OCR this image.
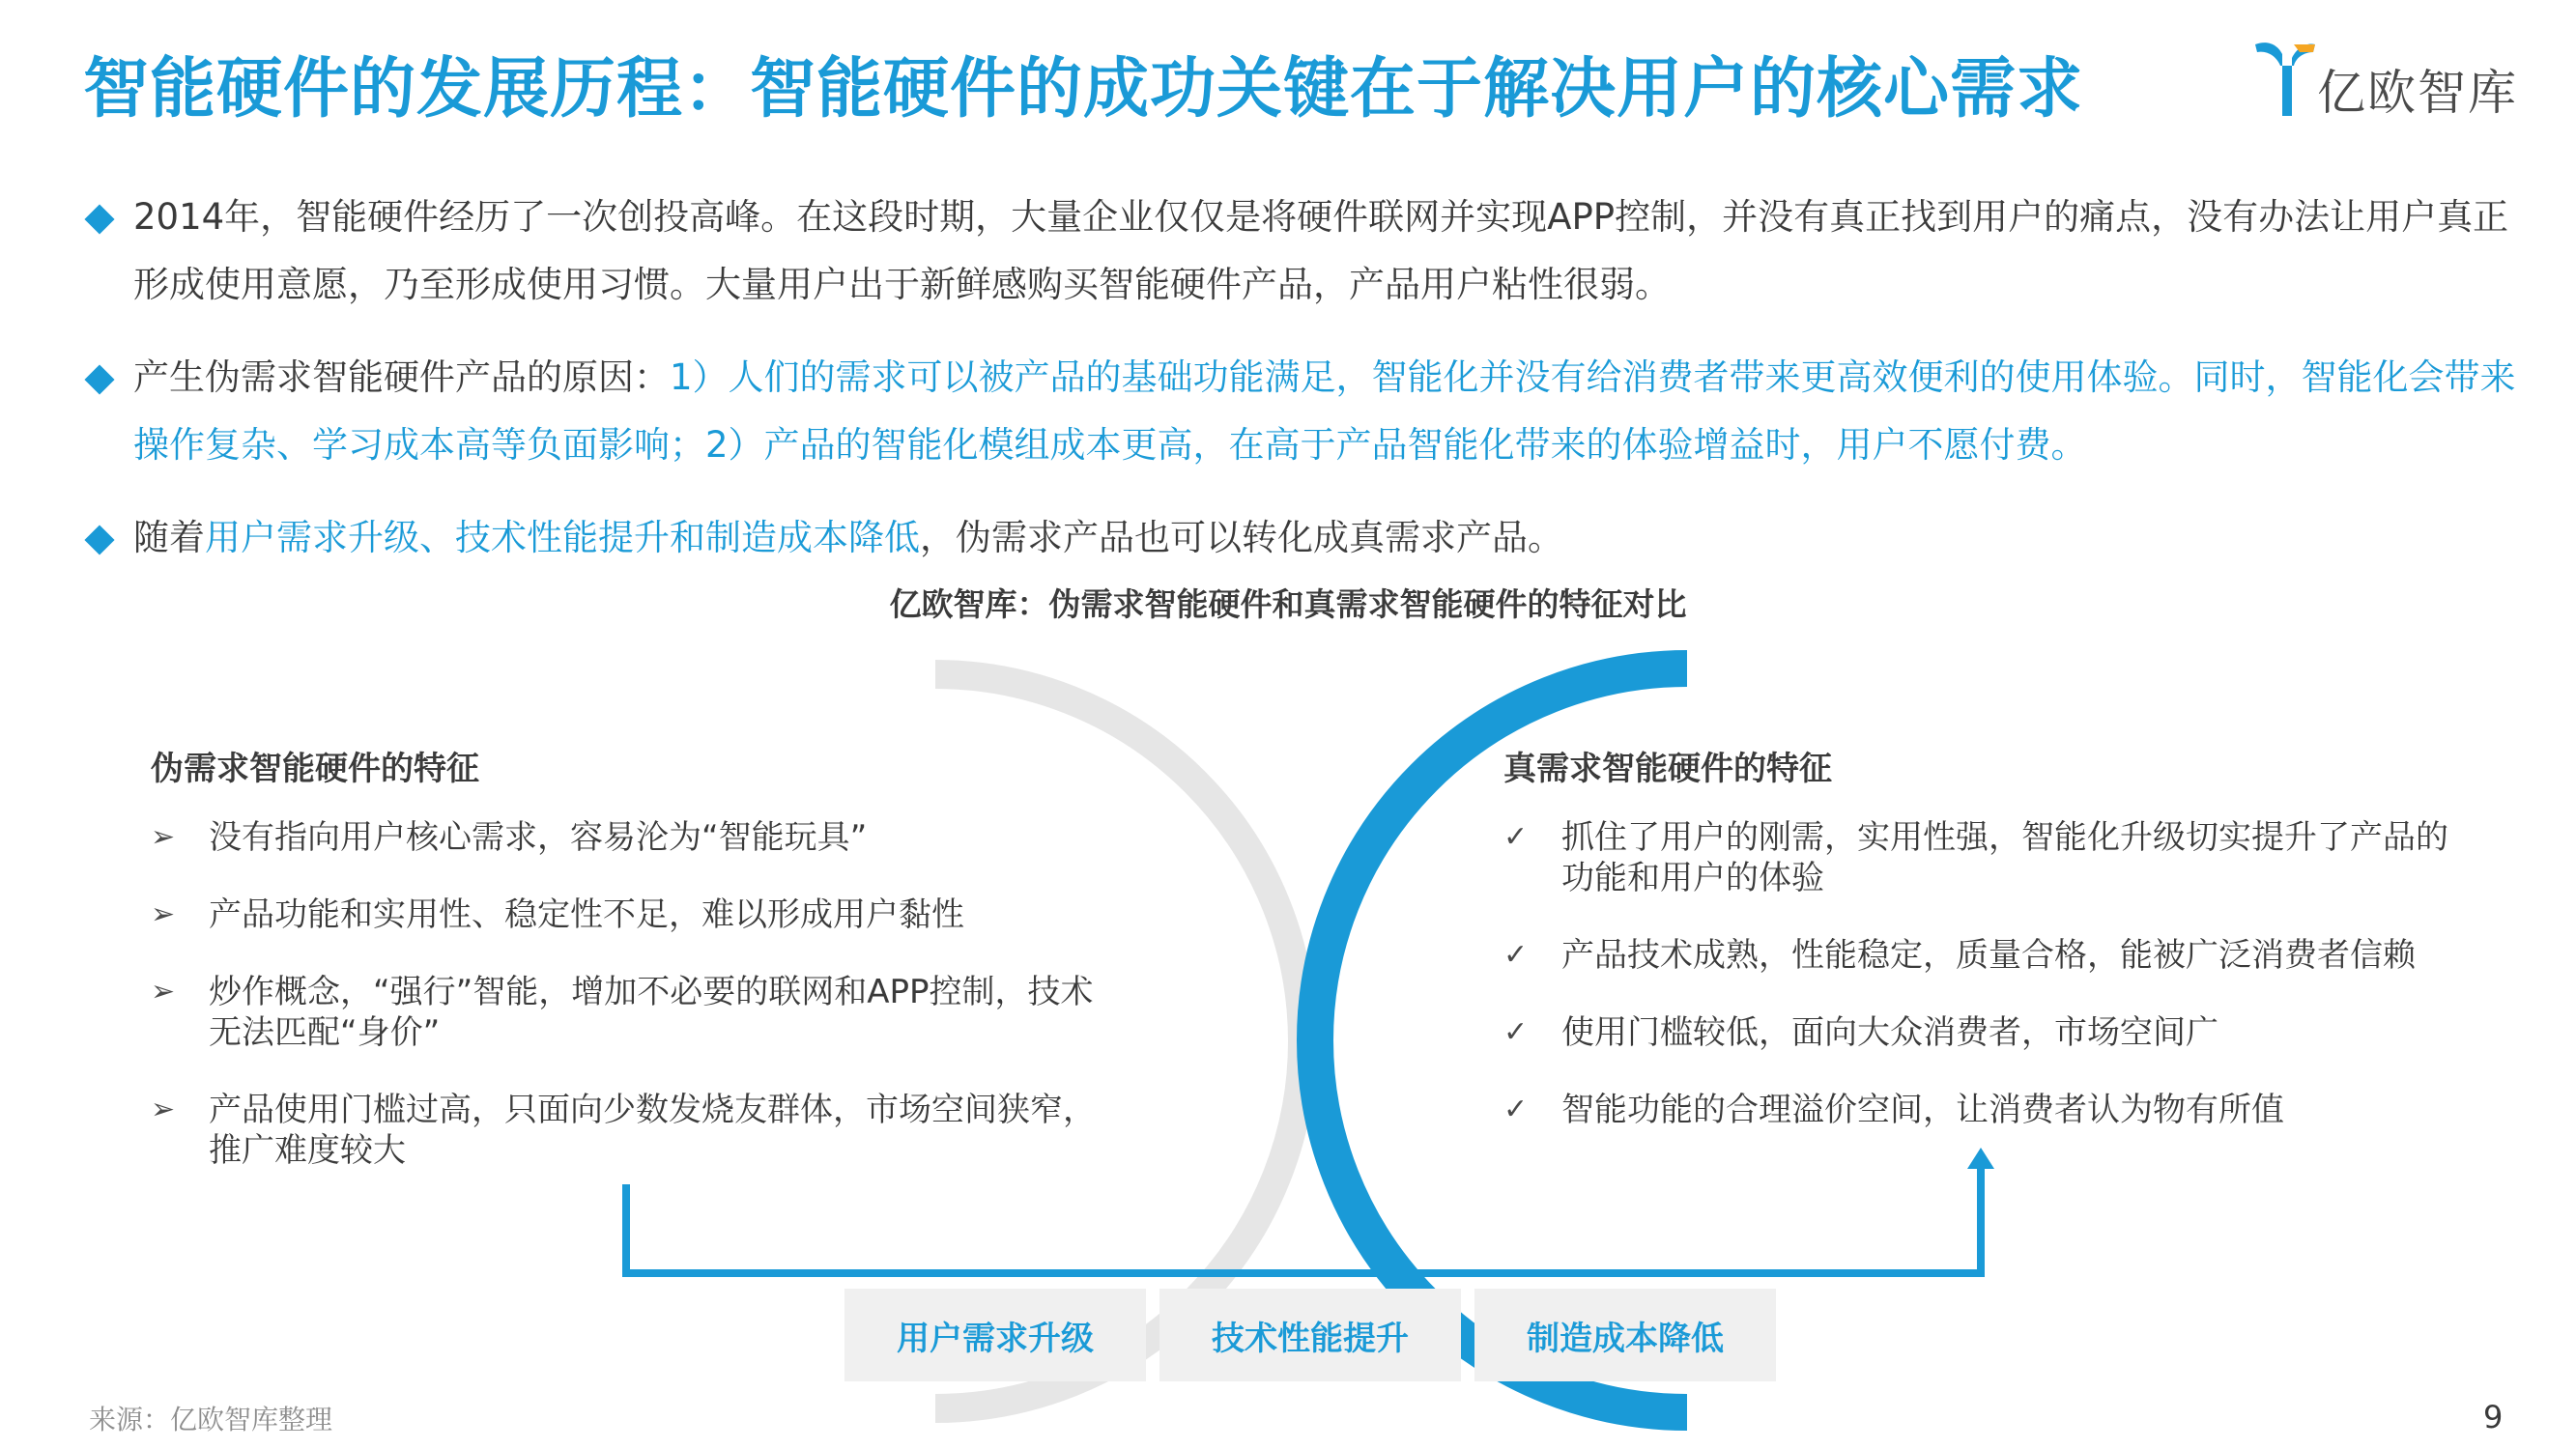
智能硬件的发展历程：智能硬件的成功关键在于解决用户的核心需求	亿欧智库
2014年，智能硬件经历了一次创投高峰。在这段时期，大量企业仅仅是将硬件联网并实现APP控制，并没有真正找到用户的痛点，没有办法让用户真正形成使用意愿，乃至形成使用习惯。大量用户出于新鲜感购买智能硬件产品，产品用户粘性很弱。
产生伪需求智能硬件产品的原因：1）人们的需求可以被产品的基础功能满足，智能化并没有给消费者带来更高效便利的使用体验。同时，智能化会带来操作复杂、学习成本高等负面影响；2）产品的智能化模组成本更高，在高于产品智能化带来的体验增益时，用户不愿付费。
随着用户需求升级、技术性能提升和制造成本降低，伪需求产品也可以转化成真需求产品。
亿欧智库：伪需求智能硬件和真需求智能硬件的特征对比
伪需求智能硬件的特征
➢ 没有指向用户核心需求，容易沦为“智能玩具”
➢ 产品功能和实用性、稳定性不足，难以形成用户黏性
➢ 炒作概念，“强行”智能，增加不必要的联网和APP控制，技术无法匹配“身价”
➢ 产品使用门槛过高，只面向少数发烧友群体，市场空间狭窄，推广难度较大
真需求智能硬件的特征
✓ 抓住了用户的刚需，实用性强，智能化升级切实提升了产品的功能和用户的体验
✓ 产品技术成熟，性能稳定，质量合格，能被广泛消费者信赖
✓ 使用门槛较低，面向大众消费者，市场空间广
✓ 智能功能的合理溢价空间，让消费者认为物有所值
用户需求升级	技术性能提升	制造成本降低
来源：亿欧智库整理	9
